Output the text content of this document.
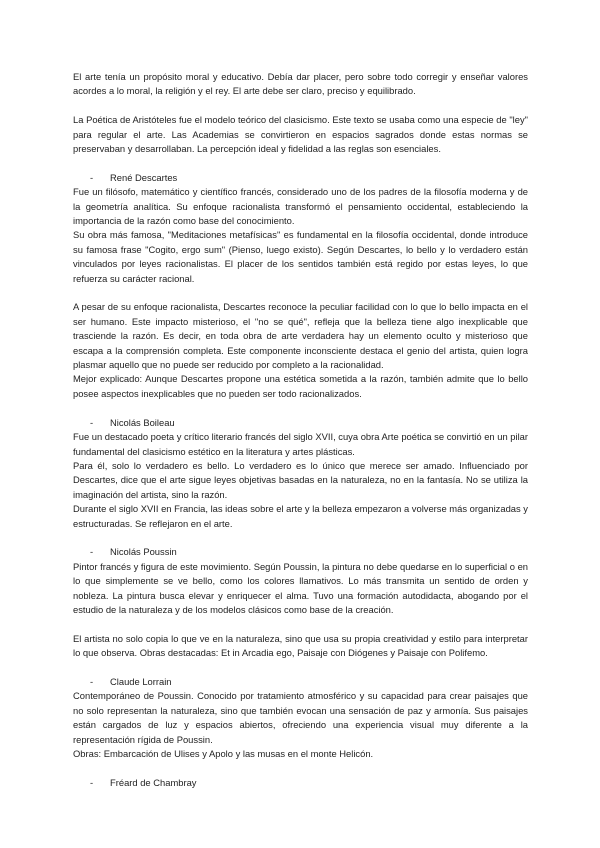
El arte tenía un propósito moral y educativo. Debía dar placer, pero sobre todo corregir y enseñar valores acordes a lo moral, la religión y el rey. El arte debe ser claro, preciso y equilibrado.

La Poética de Aristóteles fue el modelo teórico del clasicismo. Este texto se usaba como una especie de "ley" para regular el arte. Las Academias se convirtieron en espacios sagrados donde estas normas se preservaban y desarrollaban. La percepción ideal y fidelidad a las reglas son esenciales.

-	René Descartes

Fue un filósofo, matemático y científico francés, considerado uno de los padres de la filosofía moderna y de la geometría analítica. Su enfoque racionalista transformó el pensamiento occidental, estableciendo la importancia de la razón como base del conocimiento.

Su obra más famosa, "Meditaciones metafísicas" es fundamental en la filosofía occidental, donde introduce su famosa frase "Cogito, ergo sum" (Pienso, luego existo). Según Descartes, lo bello y lo verdadero están vinculados por leyes racionalistas. El placer de los sentidos también está regido por estas leyes, lo que refuerza su carácter racional.

A pesar de su enfoque racionalista, Descartes reconoce la peculiar facilidad con lo que lo bello impacta en el ser humano. Este impacto misterioso, el "no se qué", refleja que la belleza tiene algo inexplicable que trasciende la razón. Es decir, en toda obra de arte verdadera hay un elemento oculto y misterioso que escapa a la comprensión completa. Este componente inconsciente destaca el genio del artista, quien logra plasmar aquello que no puede ser reducido por completo a la racionalidad.

Mejor explicado: Aunque Descartes propone una estética sometida a la razón, también admite que lo bello posee aspectos inexplicables que no pueden ser todo racionalizados.

-	Nicolás Boileau

Fue un destacado poeta y crítico literario francés del siglo XVII, cuya obra Arte poética se convirtió en un pilar fundamental del clasicismo estético en la literatura y artes plásticas.

Para él, solo lo verdadero es bello. Lo verdadero es lo único que merece ser amado. Influenciado por Descartes, dice que el arte sigue leyes objetivas basadas en la naturaleza, no en la fantasía. No se utiliza la imaginación del artista, sino la razón.

Durante el siglo XVII en Francia, las ideas sobre el arte y la belleza empezaron a volverse más organizadas y estructuradas. Se reflejaron en el arte.

-	Nicolás Poussin

Pintor francés y figura de este movimiento. Según Poussin, la pintura no debe quedarse en lo superficial o en lo que simplemente se ve bello, como los colores llamativos. Lo más transmita un sentido de orden y nobleza. La pintura busca elevar y enriquecer el alma. Tuvo una formación autodidacta, abogando por el estudio de la naturaleza y de los modelos clásicos como base de la creación.

El artista no solo copia lo que ve en la naturaleza, sino que usa su propia creatividad y estilo para interpretar lo que observa. Obras destacadas: Et in Arcadia ego, Paisaje con Diógenes y Paisaje con Polifemo.

-	Claude Lorrain

Contemporáneo de Poussin. Conocido por tratamiento atmosférico y su capacidad para crear paisajes que no solo representan la naturaleza, sino que también evocan una sensación de paz y armonía. Sus paisajes están cargados de luz y espacios abiertos, ofreciendo una experiencia visual muy diferente a la representación rígida de Poussin.

Obras: Embarcación de Ulises y Apolo y las musas en el monte Helicón.

-	Fréard de Chambray
